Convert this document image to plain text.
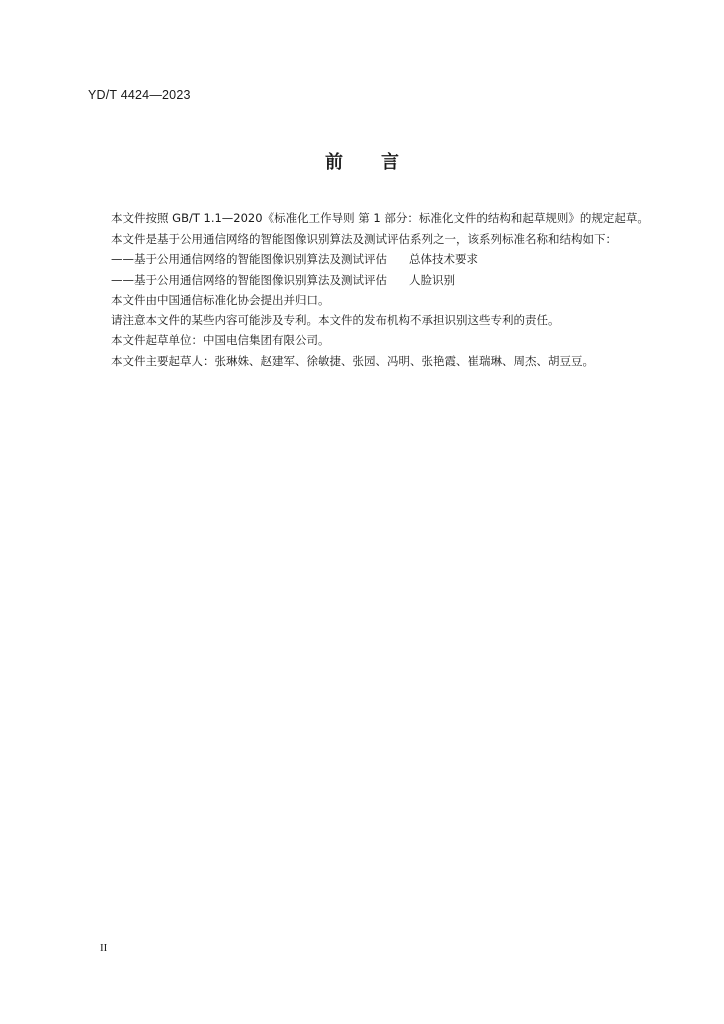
YD/T 4424—2023
前 言

本文件按照 GB/T 1.1—2020《标准化工作导则 第 1 部分：标准化文件的结构和起草规则》的规定起草。

本文件是基于公用通信网络的智能图像识别算法及测试评估系列之一，该系列标准名称和结构如下：

——基于公用通信网络的智能图像识别算法及测试评估 总体技术要求

——基于公用通信网络的智能图像识别算法及测试评估 人脸识别

本文件由中国通信标准化协会提出并归口。

请注意本文件的某些内容可能涉及专利。本文件的发布机构不承担识别这些专利的责任。

本文件起草单位：中国电信集团有限公司。

本文件主要起草人：张琳姝、赵建军、徐敏捷、张园、冯明、张艳霞、崔瑞琳、周杰、胡豆豆。

II
